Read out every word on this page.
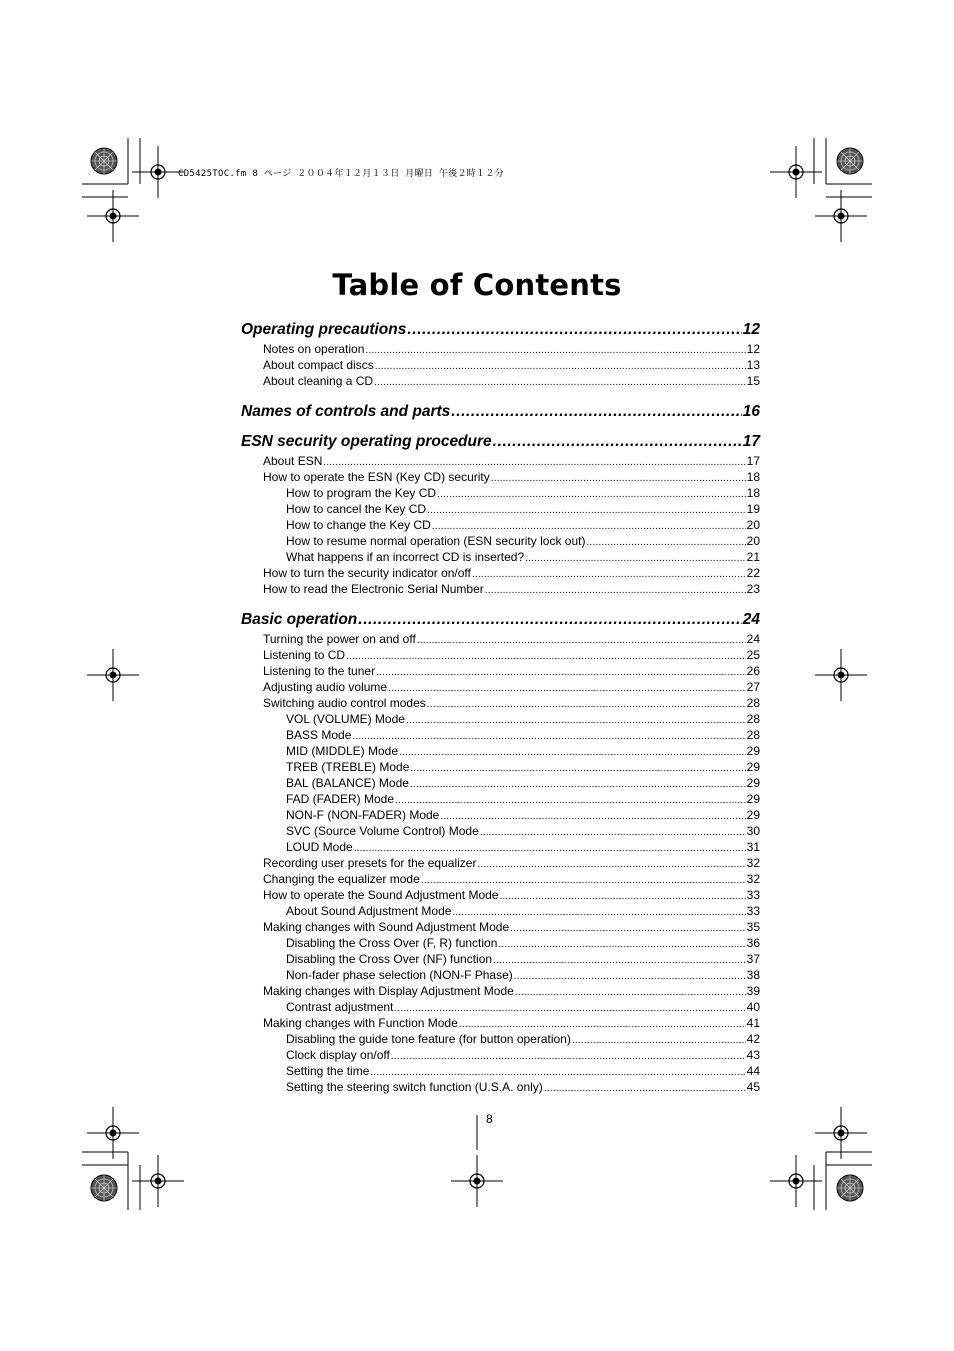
CD5425TOC.fm 8 ページ ２００４年１２月１３日 月曜日 午後２時１２分
Table of Contents
Operating precautions .....	12
Notes on operation .....	12
About compact discs .....	13
About cleaning a CD .....	15
Names of controls and parts .....	16
ESN security operating procedure .....	17
About ESN .....	17
How to operate the ESN (Key CD) security .....	18
How to program the Key CD .....	18
How to cancel the Key CD .....	19
How to change the Key CD .....	20
How to resume normal operation (ESN security lock out) .....	20
What happens if an incorrect CD is inserted? .....	21
How to turn the security indicator on/off .....	22
How to read the Electronic Serial Number .....	23
Basic operation .....	24
Turning the power on and off .....	24
Listening to CD .....	25
Listening to the tuner .....	26
Adjusting audio volume .....	27
Switching audio control modes .....	28
VOL (VOLUME) Mode .....	28
BASS Mode .....	28
MID (MIDDLE) Mode .....	29
TREB (TREBLE) Mode .....	29
BAL (BALANCE) Mode .....	29
FAD (FADER) Mode .....	29
NON-F (NON-FADER) Mode .....	29
SVC (Source Volume Control) Mode .....	30
LOUD Mode .....	31
Recording user presets for the equalizer .....	32
Changing the equalizer mode .....	32
How to operate the Sound Adjustment Mode .....	33
About Sound Adjustment Mode .....	33
Making changes with Sound Adjustment Mode .....	35
Disabling the Cross Over (F, R) function .....	36
Disabling the Cross Over (NF) function .....	37
Non-fader phase selection (NON-F Phase) .....	38
Making changes with Display Adjustment Mode .....	39
Contrast adjustment .....	40
Making changes with Function Mode .....	41
Disabling the guide tone feature (for button operation) .....	42
Clock display on/off .....	43
Setting the time .....	44
Setting the steering switch function (U.S.A. only) .....	45
8
